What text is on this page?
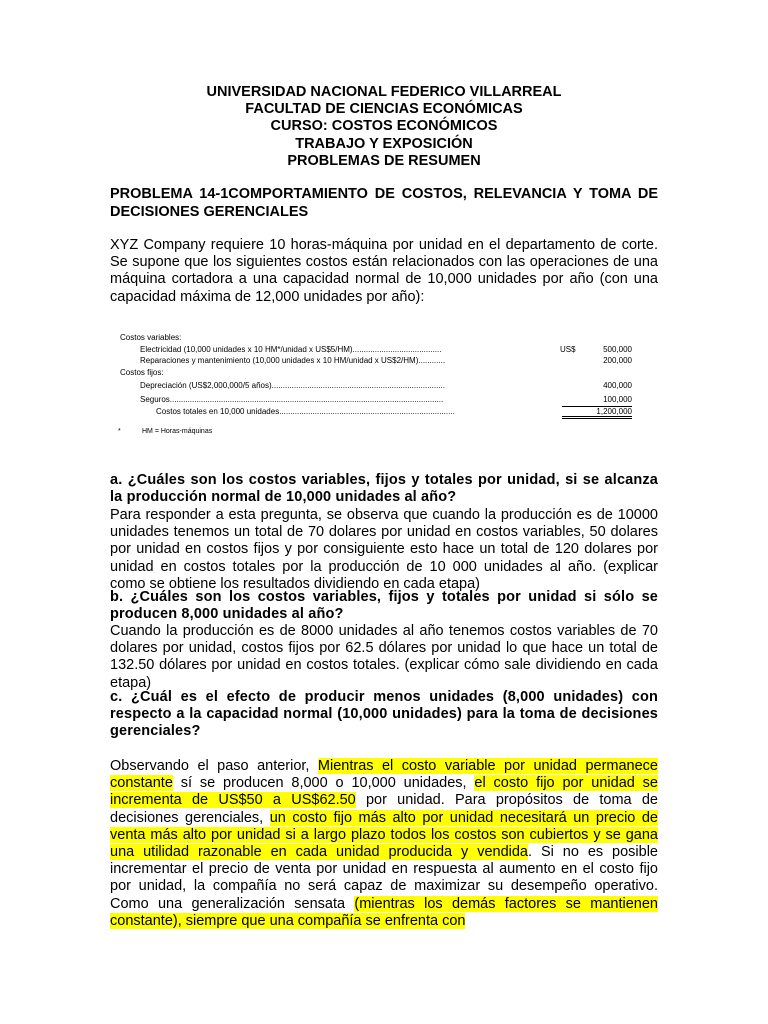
UNIVERSIDAD NACIONAL FEDERICO VILLARREAL
FACULTAD DE CIENCIAS ECONÓMICAS
CURSO: COSTOS ECONÓMICOS
TRABAJO Y EXPOSICIÓN
PROBLEMAS DE RESUMEN
PROBLEMA 14-1COMPORTAMIENTO DE COSTOS, RELEVANCIA Y TOMA DE DECISIONES GERENCIALES
XYZ Company requiere 10 horas-máquina por unidad en el departamento de corte. Se supone que los siguientes costos están relacionados con las operaciones de una máquina cortadora a una capacidad normal de 10,000 unidades por año (con una capacidad máxima de 12,000 unidades por año):
Costos variables:
Electricidad (10,000 unidades x 10 HM*/unidad x US$5/HM)........................................	US$	500,000
Reparaciones y mantenimiento (10,000 unidades x 10 HM/unidad x US$2/HM)............	200,000
Costos fijos:
Depreciación (US$2,000,000/5 años)..............................................................................	400,000
Seguros...........................................................................................................................	100,000
Costos totales en 10,000 unidades...............................................................................	1,200,000
*	HM = Horas-máquinas
a. ¿Cuáles son los costos variables, fijos y totales por unidad, si se alcanza la producción normal de 10,000 unidades al año?
Para responder a esta pregunta, se observa que cuando la producción es de 10000 unidades tenemos un total de 70 dolares por unidad en costos variables, 50 dolares por unidad en costos fijos y por consiguiente esto hace un total de 120 dolares por unidad en costos totales por la producción de 10 000 unidades al año. (explicar como se obtiene los resultados dividiendo en cada etapa)
b. ¿Cuáles son los costos variables, fijos y totales por unidad si sólo se producen 8,000 unidades al año?
Cuando la producción es de 8000 unidades al año tenemos costos variables de 70 dolares por unidad, costos fijos por 62.5 dólares por unidad lo que hace un total de 132.50 dólares por unidad en costos totales. (explicar cómo sale dividiendo en cada etapa)
c. ¿Cuál es el efecto de producir menos unidades (8,000 unidades) con respecto a la capacidad normal (10,000 unidades) para la toma de decisiones gerenciales?
Observando el paso anterior, Mientras el costo variable por unidad permanece constante sí se producen 8,000 o 10,000 unidades, el costo fijo por unidad se incrementa de US$50 a US$62.50 por unidad. Para propósitos de toma de decisiones gerenciales, un costo fijo más alto por unidad necesitará un precio de venta más alto por unidad si a largo plazo todos los costos son cubiertos y se gana una utilidad razonable en cada unidad producida y vendida. Si no es posible incrementar el precio de venta por unidad en respuesta al aumento en el costo fijo por unidad, la compañía no será capaz de maximizar su desempeño operativo. Como una generalización sensata (mientras los demás factores se mantienen constante), siempre que una compañía se enfrenta con
